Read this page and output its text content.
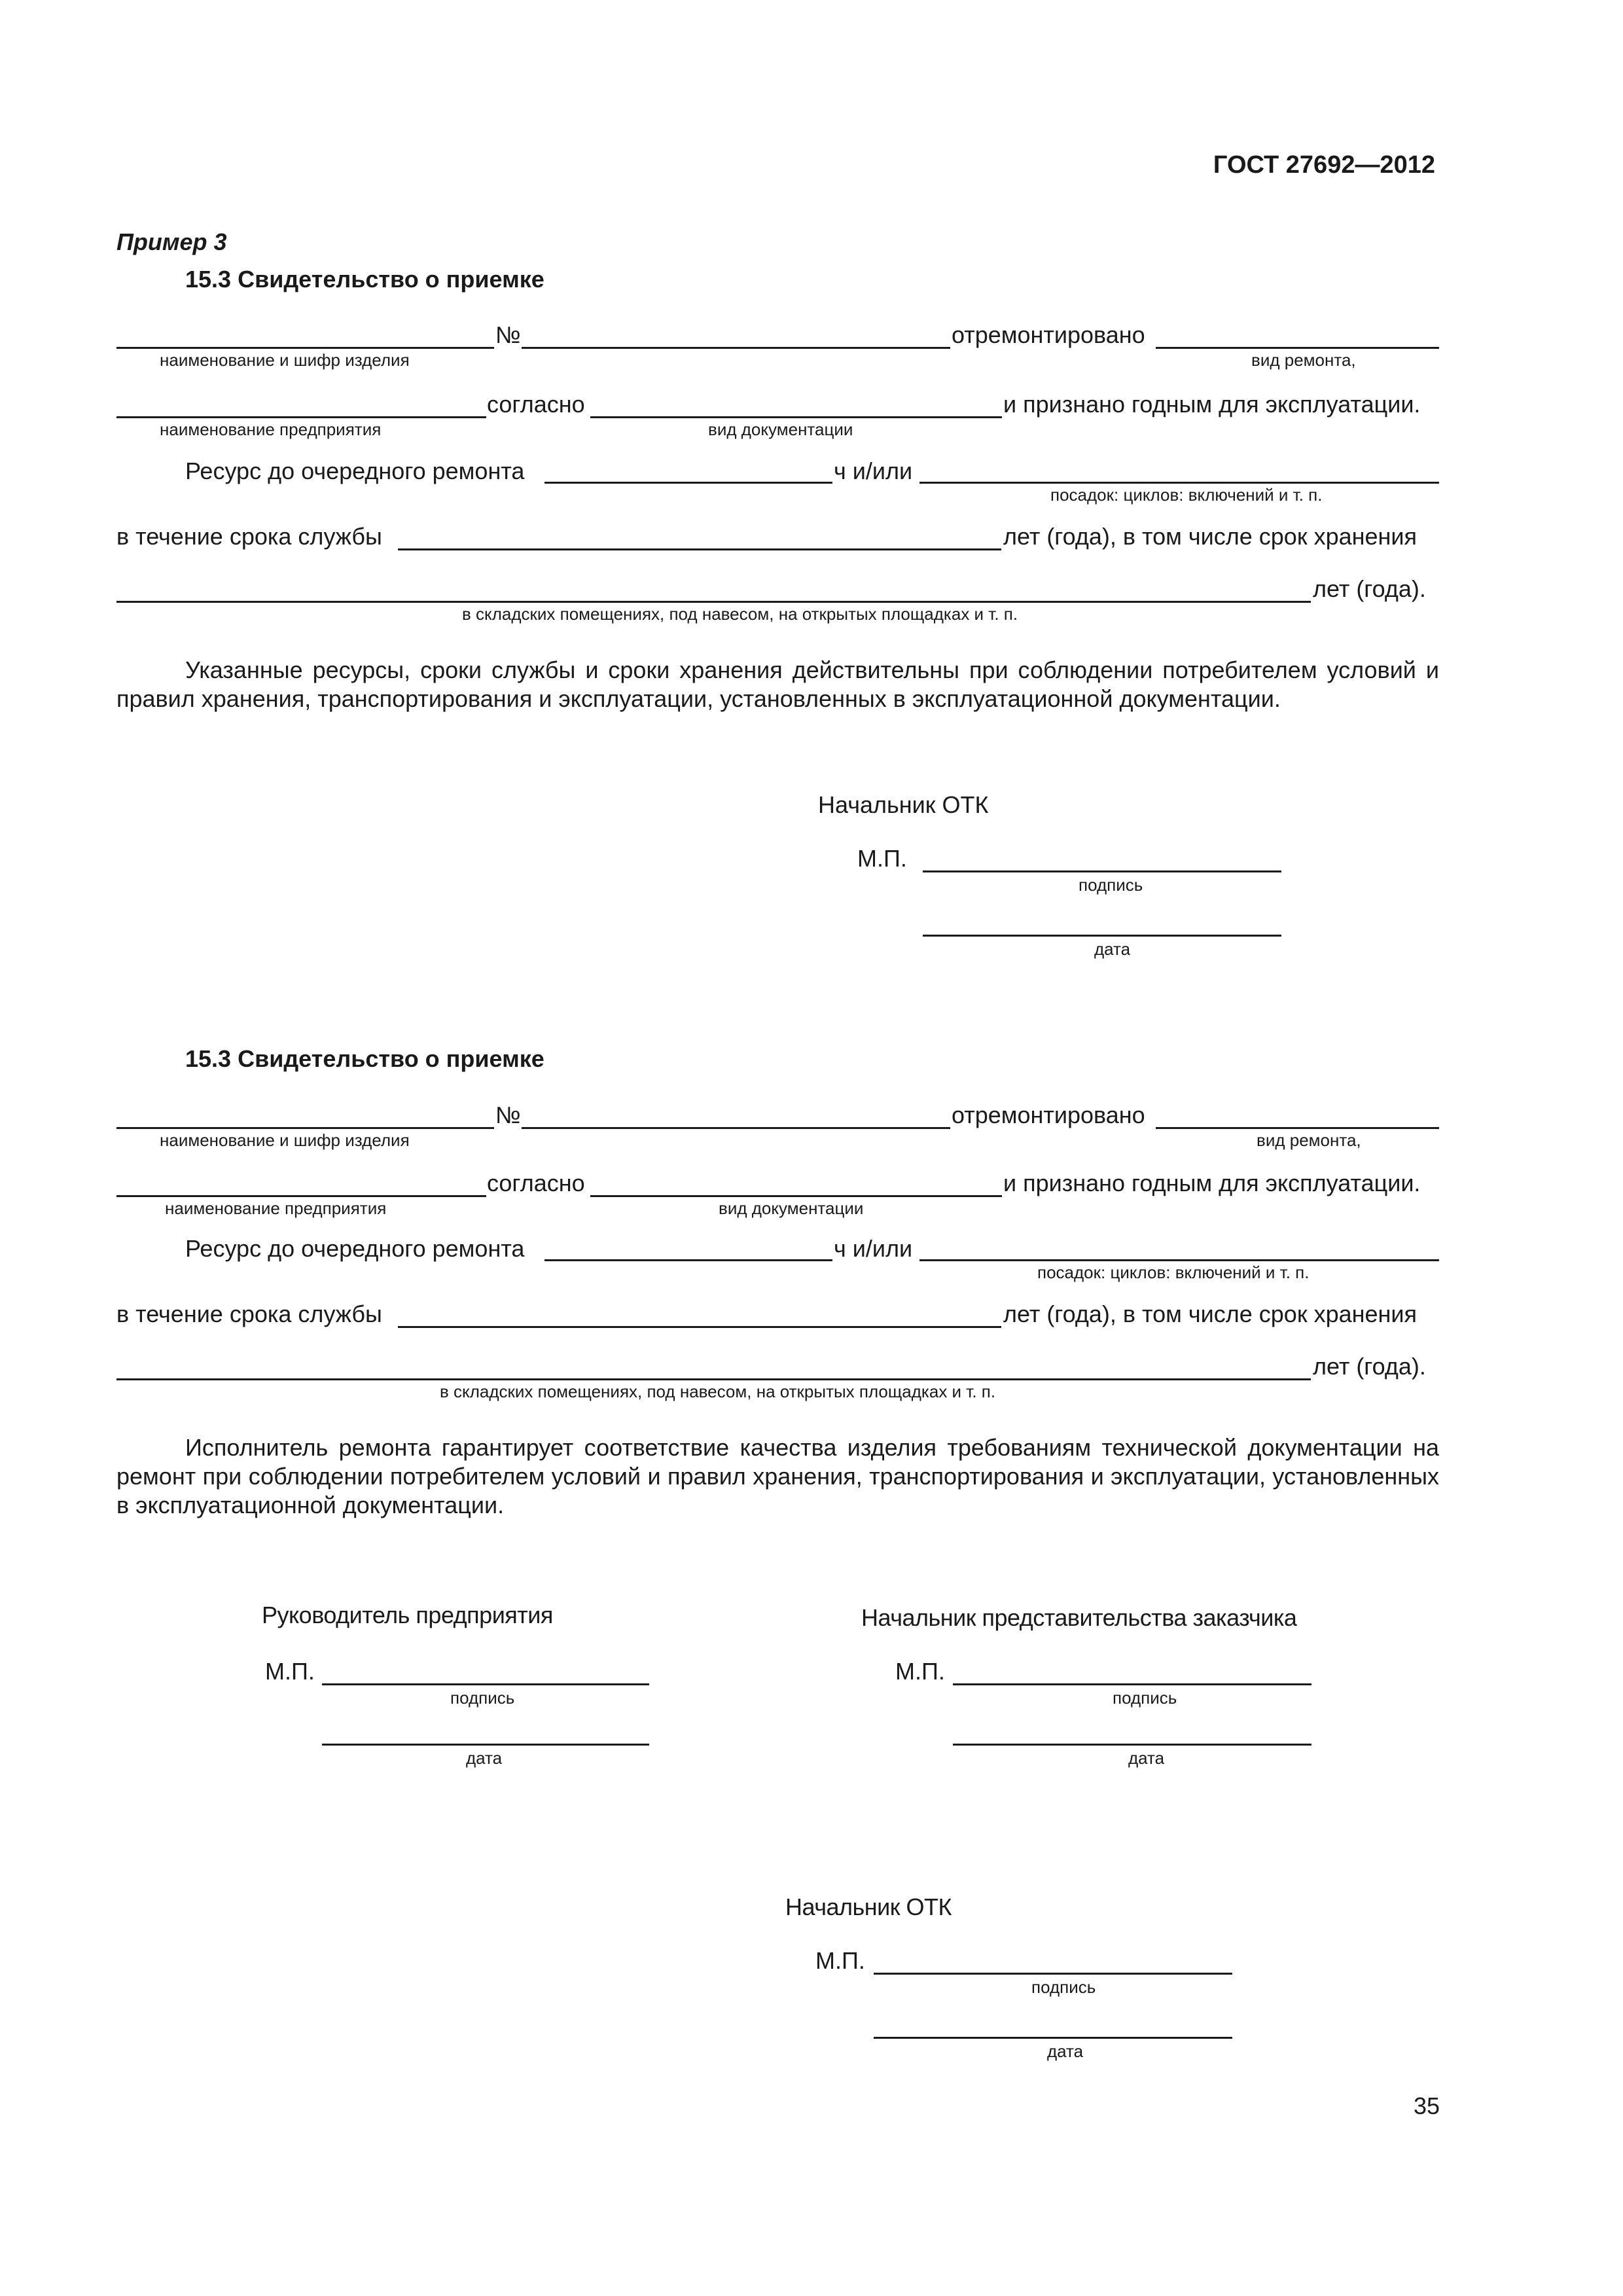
ГОСТ 27692—2012
Пример 3
15.3 Свидетельство о приемке
№	отремонтировано
наименование и шифр изделия	вид ремонта,
согласно	и признано годным для эксплуатации.
наименование предприятия	вид документации
Ресурс до очередного ремонта	ч и/или
посадок: циклов: включений и т. п.
в течение срока службы	лет (года), в том числе срок хранения
лет (года).
в складских помещениях, под навесом, на открытых площадках и т. п.
Указанные ресурсы, сроки службы и сроки хранения действительны при соблюдении потребителем условий и правил хранения, транспортирования и эксплуатации, установленных в эксплуатационной документации.
Начальник ОТК
М.П.
подпись
дата
15.3 Свидетельство о приемке
№	отремонтировано
наименование и шифр изделия	вид ремонта,
согласно	и признано годным для эксплуатации.
наименование предприятия	вид документации
Ресурс до очередного ремонта	ч и/или
посадок: циклов: включений и т. п.
в течение срока службы	лет (года), в том числе срок хранения
лет (года).
в складских помещениях, под навесом, на открытых площадках и т. п.
Исполнитель ремонта гарантирует соответствие качества изделия требованиям технической документации на ремонт при соблюдении потребителем условий и правил хранения, транспортирования и эксплуатации, установленных в эксплуатационной документации.
Руководитель предприятия
М.П.
подпись
дата
Начальник представительства заказчика
М.П.
подпись
дата
Начальник ОТК
М.П.
подпись
дата
35
